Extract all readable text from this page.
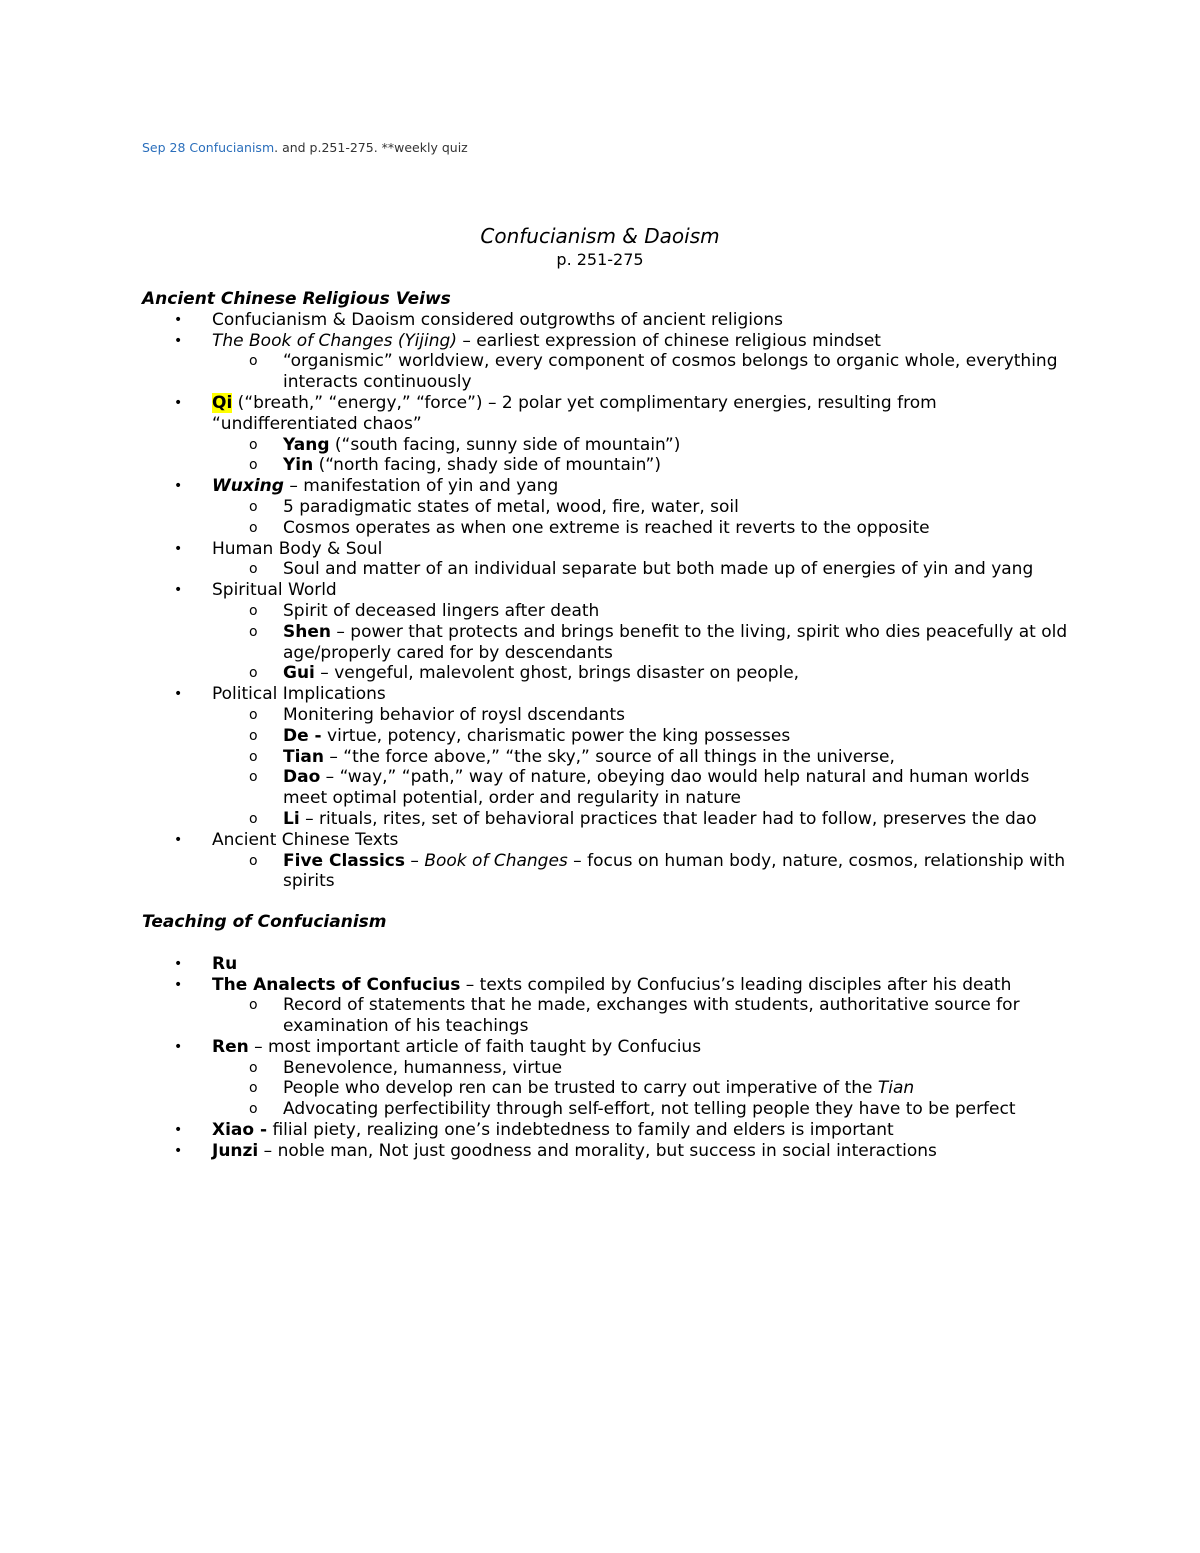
Sep 28 Confucianism. and p.251-275. **weekly quiz
Confucianism & Daoism
p. 251-275
Ancient Chinese Religious Veiws
• Confucianism & Daoism considered outgrowths of ancient religions
• The Book of Changes (Yijing) – earliest expression of chinese religious mindset
o “organismic” worldview, every component of cosmos belongs to organic whole, everything interacts continuously
• Qi (“breath,” “energy,” “force”) – 2 polar yet complimentary energies, resulting from “undifferentiated chaos”
o Yang (“south facing, sunny side of mountain”)
o Yin (“north facing, shady side of mountain”)
• Wuxing – manifestation of yin and yang
o 5 paradigmatic states of metal, wood, fire, water, soil
o Cosmos operates as when one extreme is reached it reverts to the opposite
• Human Body & Soul
o Soul and matter of an individual separate but both made up of energies of yin and yang
• Spiritual World
o Spirit of deceased lingers after death
o Shen – power that protects and brings benefit to the living, spirit who dies peacefully at old age/properly cared for by descendants
o Gui – vengeful, malevolent ghost, brings disaster on people,
• Political Implications
o Monitering behavior of roysl dscendants
o De - virtue, potency, charismatic power the king possesses
o Tian – “the force above,” “the sky,” source of all things in the universe,
o Dao – “way,” “path,” way of nature, obeying dao would help natural and human worlds meet optimal potential, order and regularity in nature
o Li – rituals, rites, set of behavioral practices that leader had to follow, preserves the dao
• Ancient Chinese Texts
o Five Classics – Book of Changes – focus on human body, nature, cosmos, relationship with spirits
Teaching of Confucianism
• Ru
• The Analects of Confucius – texts compiled by Confucius’s leading disciples after his death
o Record of statements that he made, exchanges with students, authoritative source for examination of his teachings
• Ren – most important article of faith taught by Confucius
o Benevolence, humanness, virtue
o People who develop ren can be trusted to carry out imperative of the Tian
o Advocating perfectibility through self-effort, not telling people they have to be perfect
• Xiao - filial piety, realizing one’s indebtedness to family and elders is important
• Junzi – noble man, Not just goodness and morality, but success in social interactions
